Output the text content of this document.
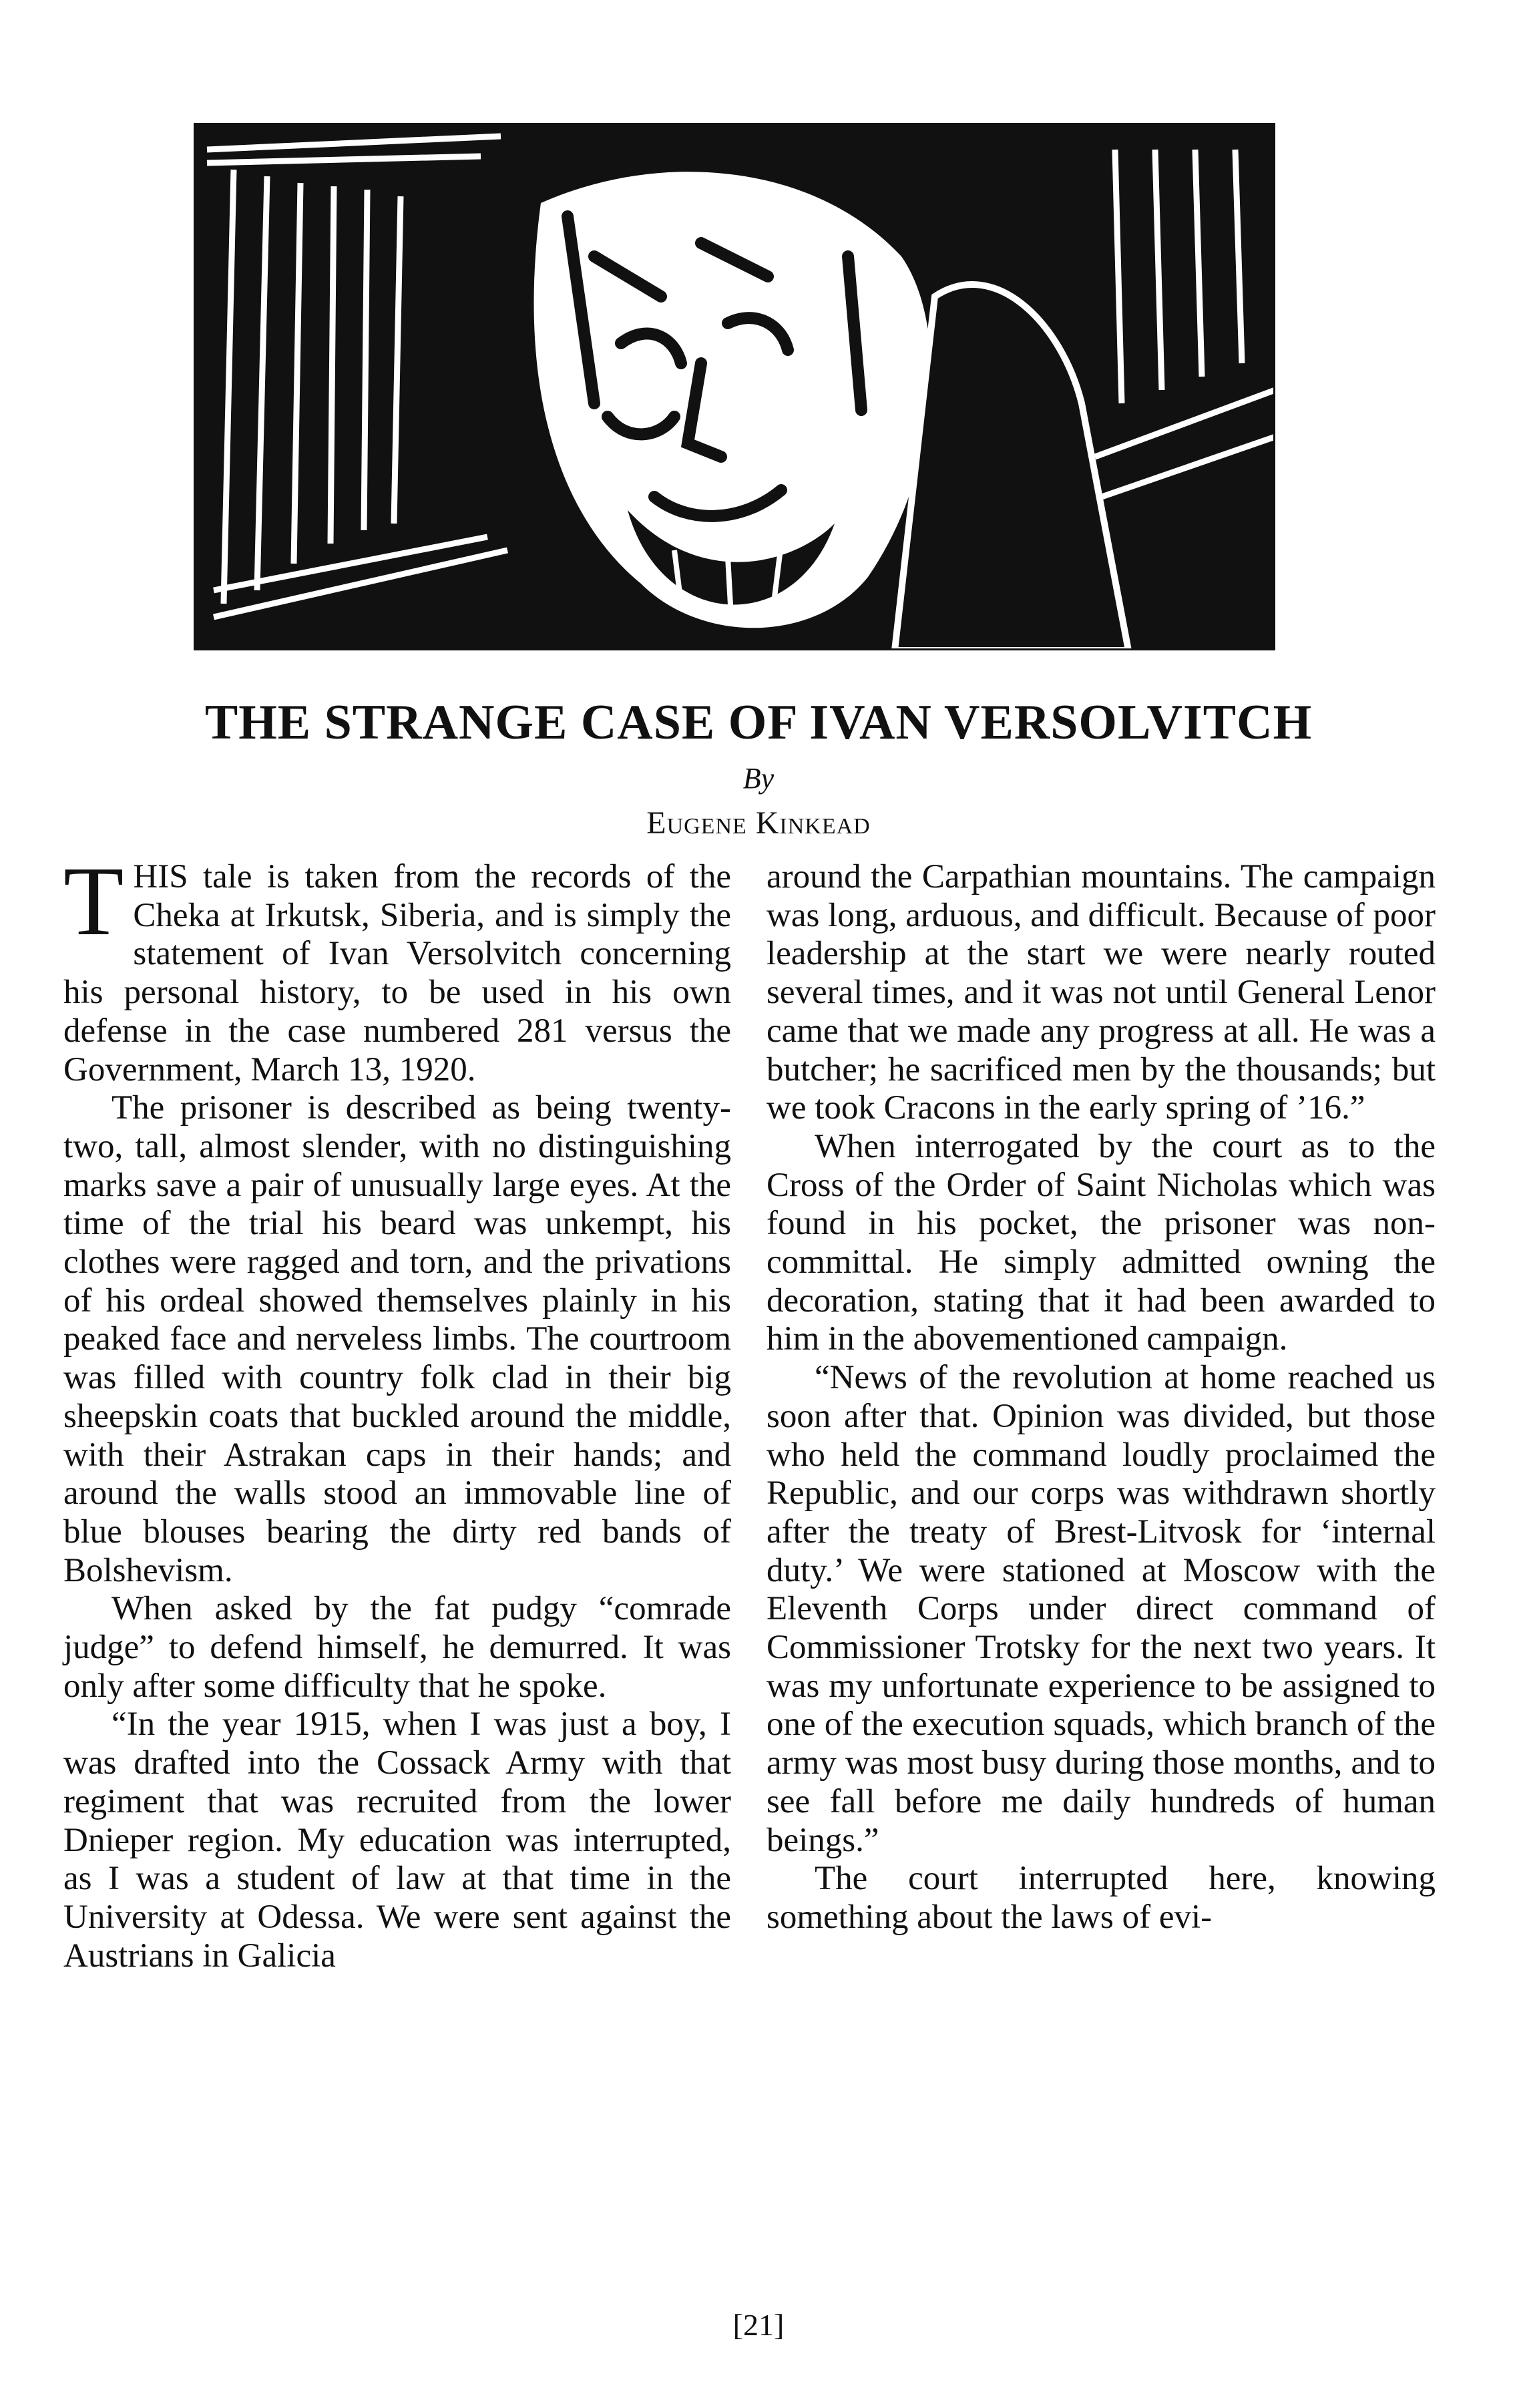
THE STRANGE CASE OF IVAN VERSOLVITCH

By

Eugene Kinkead

THIS tale is taken from the records of the Cheka at Irkutsk, Siberia, and is simply the statement of Ivan Versolvitch concerning his personal history, to be used in his own defense in the case numbered 281 versus the Government, March 13, 1920.

The prisoner is described as being twenty-two, tall, almost slender, with no distinguishing marks save a pair of unusually large eyes. At the time of the trial his beard was unkempt, his clothes were ragged and torn, and the privations of his ordeal showed themselves plainly in his peaked face and nerveless limbs. The courtroom was filled with country folk clad in their big sheepskin coats that buckled around the middle, with their Astrakan caps in their hands; and around the walls stood an immovable line of blue blouses bearing the dirty red bands of Bolshevism.

When asked by the fat pudgy “comrade judge” to defend himself, he demurred. It was only after some difficulty that he spoke.

“In the year 1915, when I was just a boy, I was drafted into the Cossack Army with that regiment that was recruited from the lower Dnieper region. My education was interrupted, as I was a student of law at that time in the University at Odessa. We were sent against the Austrians in Galicia

around the Carpathian mountains. The campaign was long, arduous, and difficult. Because of poor leadership at the start we were nearly routed several times, and it was not until General Lenor came that we made any progress at all. He was a butcher; he sacrificed men by the thousands; but we took Cracons in the early spring of ’16.”

When interrogated by the court as to the Cross of the Order of Saint Nicholas which was found in his pocket, the prisoner was non-committal. He simply admitted owning the decoration, stating that it had been awarded to him in the abovementioned campaign.

“News of the revolution at home reached us soon after that. Opinion was divided, but those who held the command loudly proclaimed the Republic, and our corps was withdrawn shortly after the treaty of Brest-Litvosk for ‘internal duty.’ We were stationed at Moscow with the Eleventh Corps under direct command of Commissioner Trotsky for the next two years. It was my unfortunate experience to be assigned to one of the execution squads, which branch of the army was most busy during those months, and to see fall before me daily hundreds of human beings.”

The court interrupted here, knowing something about the laws of evi-

[21]
